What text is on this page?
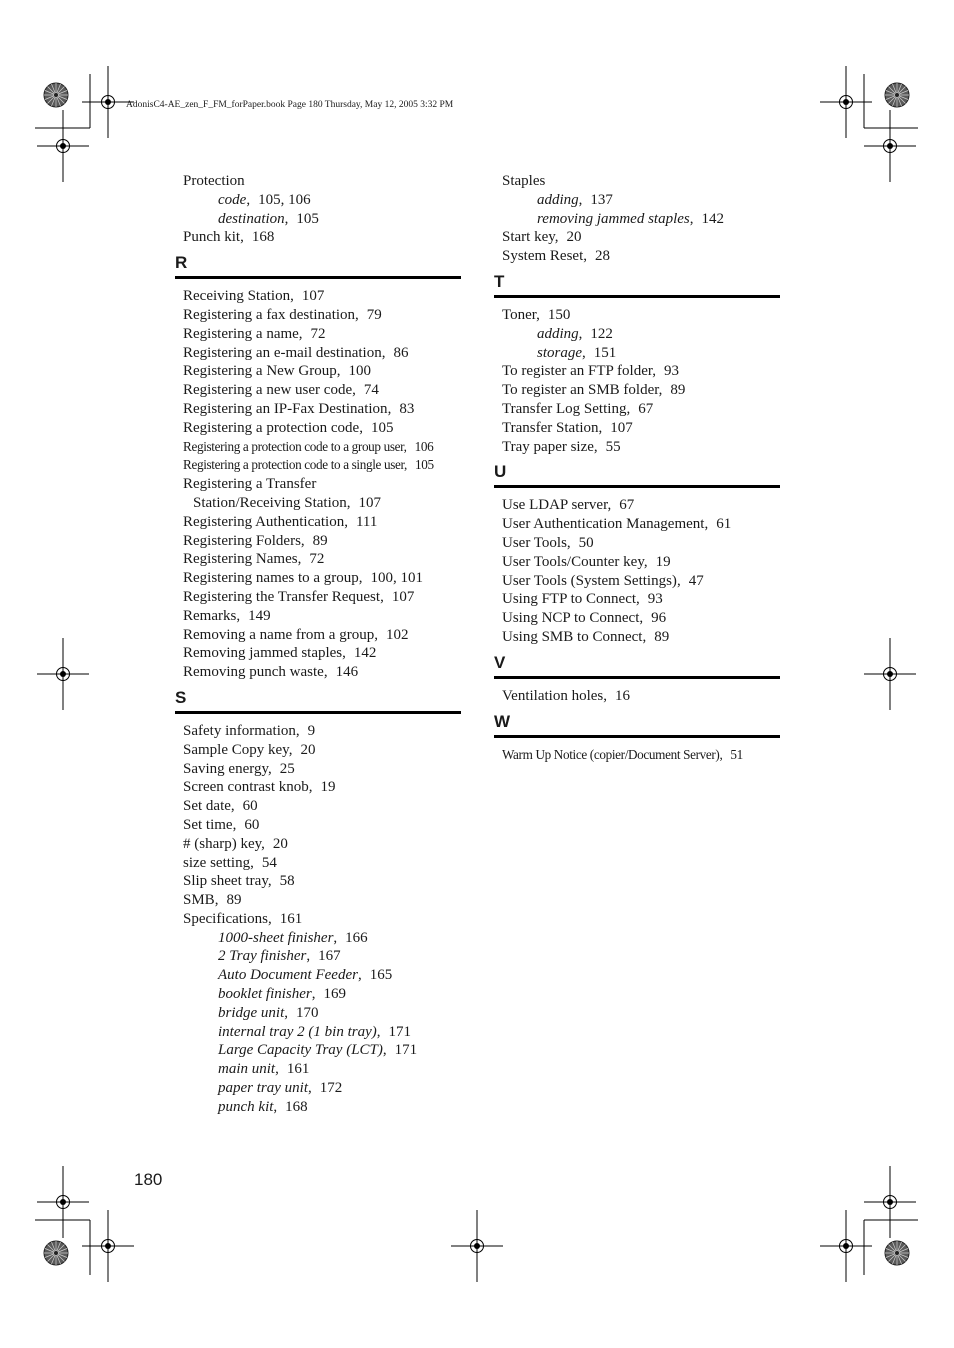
AdonisC4-AE_zen_F_FM_forPaper.book Page 180 Thursday, May 12, 2005 3:32 PM
Protection
code, 105, 106
destination, 105
Punch kit, 168
R
Receiving Station, 107
Registering a fax destination, 79
Registering a name, 72
Registering an e-mail destination, 86
Registering a New Group, 100
Registering a new user code, 74
Registering an IP-Fax Destination, 83
Registering a protection code, 105
Registering a protection code to a group user, 106
Registering a protection code to a single user, 105
Registering a Transfer
Station/Receiving Station, 107
Registering Authentication, 111
Registering Folders, 89
Registering Names, 72
Registering names to a group, 100, 101
Registering the Transfer Request, 107
Remarks, 149
Removing a name from a group, 102
Removing jammed staples, 142
Removing punch waste, 146
S
Safety information, 9
Sample Copy key, 20
Saving energy, 25
Screen contrast knob, 19
Set date, 60
Set time, 60
# (sharp) key, 20
size setting, 54
Slip sheet tray, 58
SMB, 89
Specifications, 161
1000-sheet finisher, 166
2 Tray finisher, 167
Auto Document Feeder, 165
booklet finisher, 169
bridge unit, 170
internal tray 2 (1 bin tray), 171
Large Capacity Tray (LCT), 171
main unit, 161
paper tray unit, 172
punch kit, 168
Staples
adding, 137
removing jammed staples, 142
Start key, 20
System Reset, 28
T
Toner, 150
adding, 122
storage, 151
To register an FTP folder, 93
To register an SMB folder, 89
Transfer Log Setting, 67
Transfer Station, 107
Tray paper size, 55
U
Use LDAP server, 67
User Authentication Management, 61
User Tools, 50
User Tools/Counter key, 19
User Tools (System Settings), 47
Using FTP to Connect, 93
Using NCP to Connect, 96
Using SMB to Connect, 89
V
Ventilation holes, 16
W
Warm Up Notice (copier/Document Server), 51
180
